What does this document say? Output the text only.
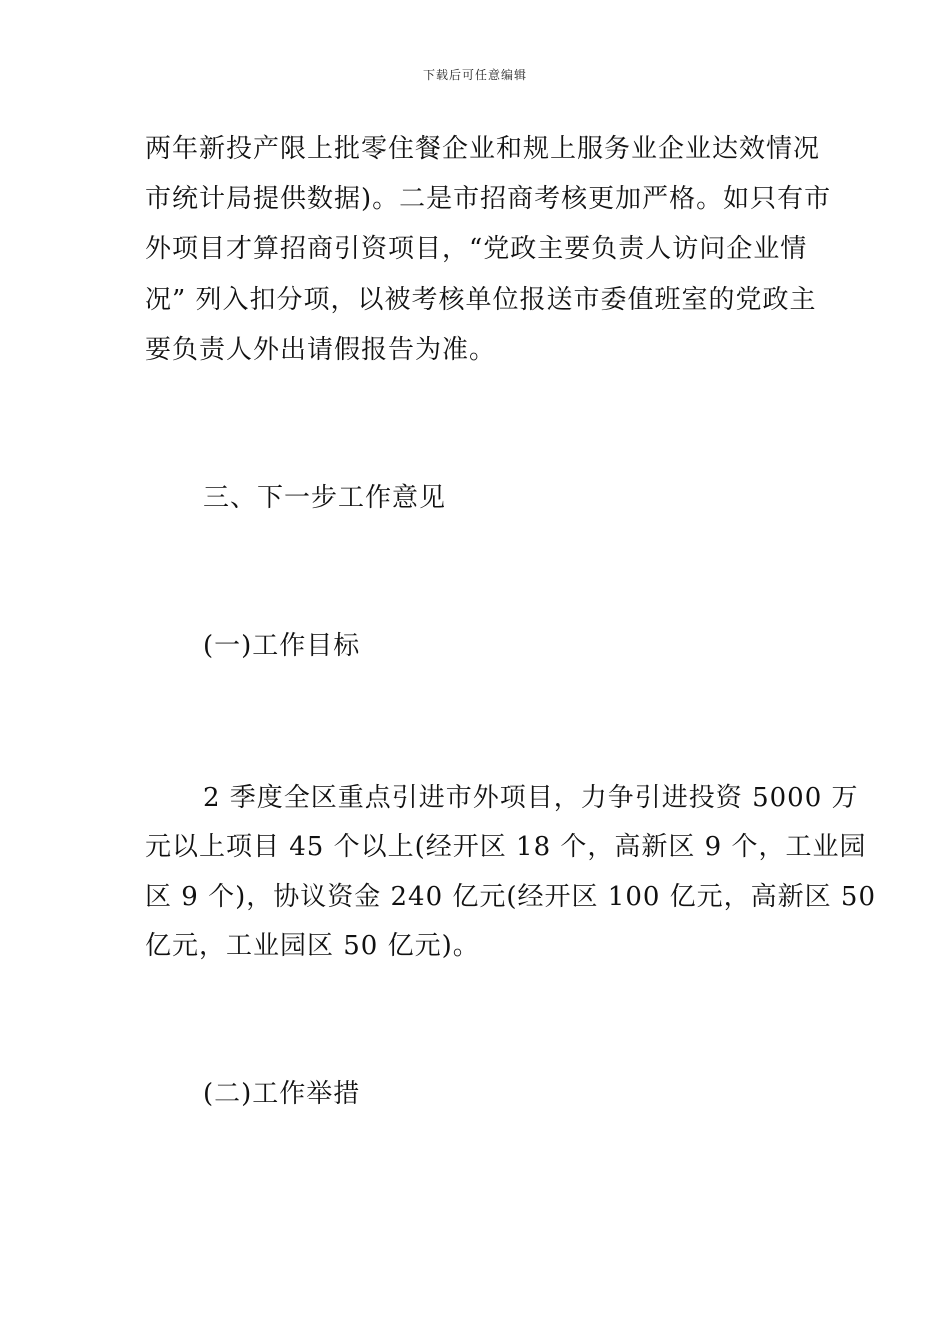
下载后可任意编辑
两年新投产限上批零住餐企业和规上服务业企业达效情况
市统计局提供数据)。二是市招商考核更加严格。如只有市
外项目才算招商引资项目，“党政主要负责人访问企业情
况” 列入扣分项，以被考核单位报送市委值班室的党政主
要负责人外出请假报告为准。
三、下一步工作意见
(一)工作目标
2 季度全区重点引进市外项目，力争引进投资 5000 万
元以上项目 45 个以上(经开区 18 个，高新区 9 个，工业园
区 9 个)，协议资金 240 亿元(经开区 100 亿元，高新区 50
亿元，工业园区 50 亿元)。
(二)工作举措
